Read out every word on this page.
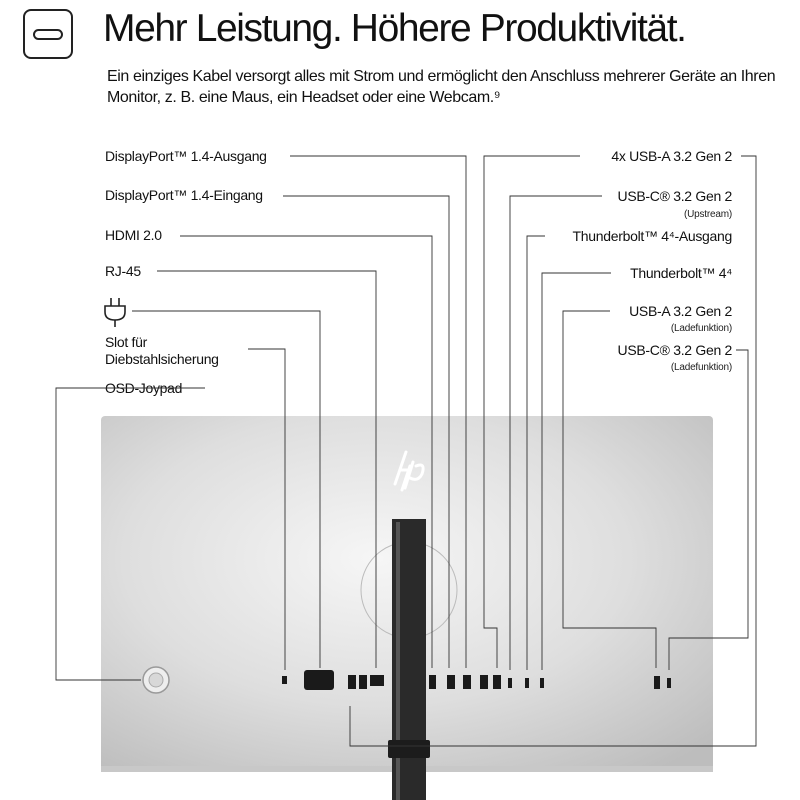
Mehr Leistung. Höhere Produktivität.

Ein einziges Kabel versorgt alles mit Strom und ermöglicht den Anschluss mehrerer Geräte an Ihren Monitor, z. B. eine Maus, ein Headset oder eine Webcam.⁹

DisplayPort™ 1.4-Ausgang
DisplayPort™ 1.4-Eingang
HDMI 2.0
RJ-45
Slot für
Diebstahlsicherung
OSD-Joypad
4x USB-A 3.2 Gen 2
USB-C® 3.2 Gen 2
(Upstream)
Thunderbolt™ 4⁴-Ausgang
Thunderbolt™ 4⁴
USB-A 3.2 Gen 2
(Ladefunktion)
USB-C® 3.2 Gen 2
(Ladefunktion)
